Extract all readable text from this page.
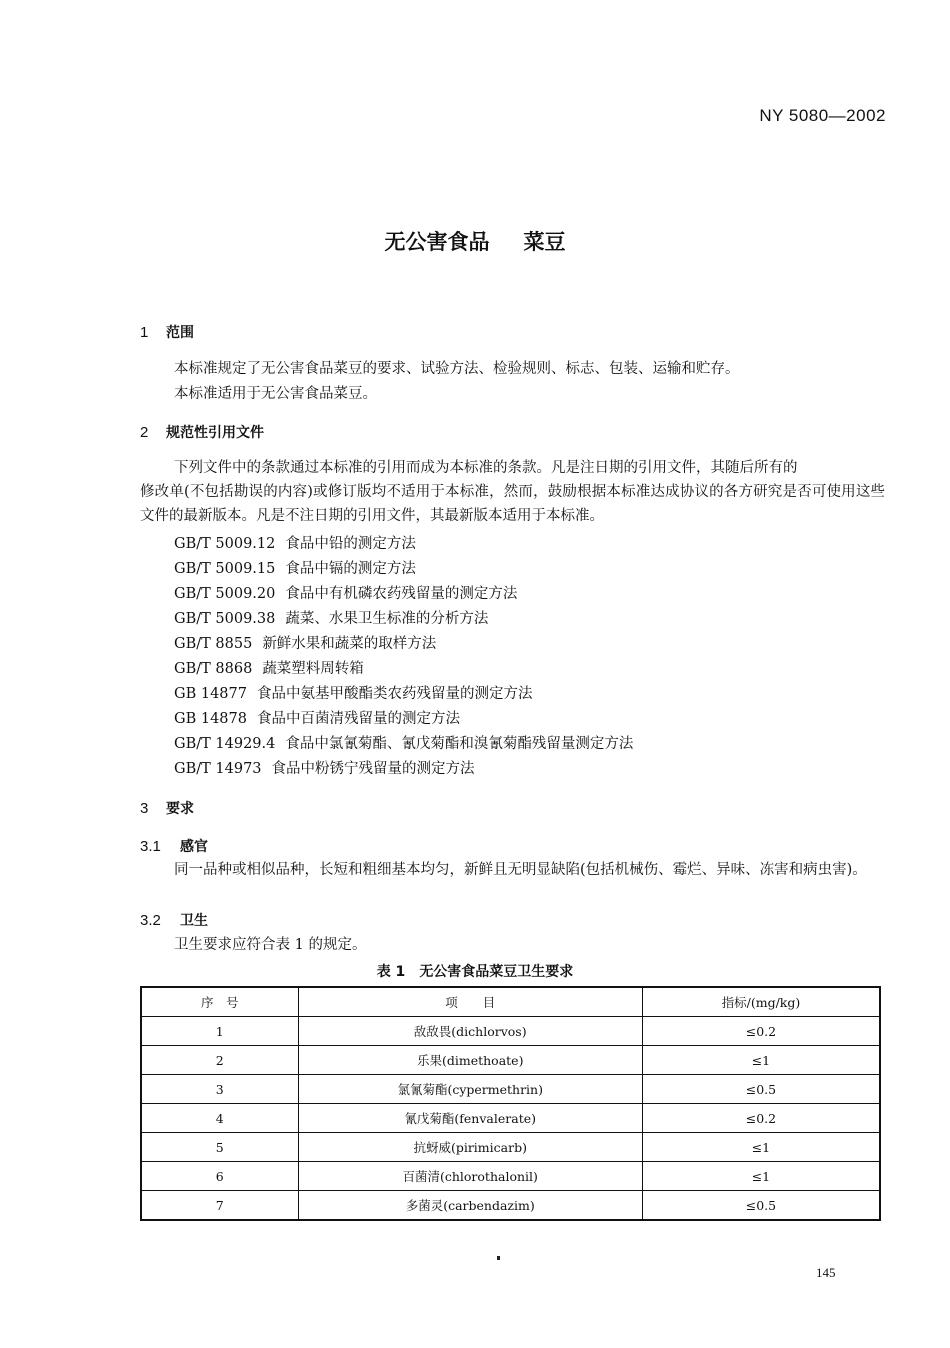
NY 5080—2002
无公害食品 菜豆
1 范围
本标准规定了无公害食品菜豆的要求、试验方法、检验规则、标志、包装、运输和贮存。
本标准适用于无公害食品菜豆。
2 规范性引用文件
下列文件中的条款通过本标准的引用而成为本标准的条款。凡是注日期的引用文件，其随后所有的
修改单(不包括勘误的内容)或修订版均不适用于本标准，然而，鼓励根据本标准达成协议的各方研究是否可使用这些文件的最新版本。凡是不注日期的引用文件，其最新版本适用于本标准。
GB/T 5009.12 食品中铅的测定方法
GB/T 5009.15 食品中镉的测定方法
GB/T 5009.20 食品中有机磷农药残留量的测定方法
GB/T 5009.38 蔬菜、水果卫生标准的分析方法
GB/T 8855 新鲜水果和蔬菜的取样方法
GB/T 8868 蔬菜塑料周转箱
GB 14877 食品中氨基甲酸酯类农药残留量的测定方法
GB 14878 食品中百菌清残留量的测定方法
GB/T 14929.4 食品中氯氰菊酯、氰戊菊酯和溴氰菊酯残留量测定方法
GB/T 14973 食品中粉锈宁残留量的测定方法
3 要求
3.1 感官
同一品种或相似品种，长短和粗细基本均匀，新鲜且无明显缺陷(包括机械伤、霉烂、异味、冻害和病虫害)。
3.2 卫生
卫生要求应符合表 1 的规定。
表 1 无公害食品菜豆卫生要求
序　号	项　　目	指标/(mg/kg)
1	敌敌畏(dichlorvos)	≤0.2
2	乐果(dimethoate)	≤1
3	氯氰菊酯(cypermethrin)	≤0.5
4	氰戊菊酯(fenvalerate)	≤0.2
5	抗蚜威(pirimicarb)	≤1
6	百菌清(chlorothalonil)	≤1
7	多菌灵(carbendazim)	≤0.5
145
